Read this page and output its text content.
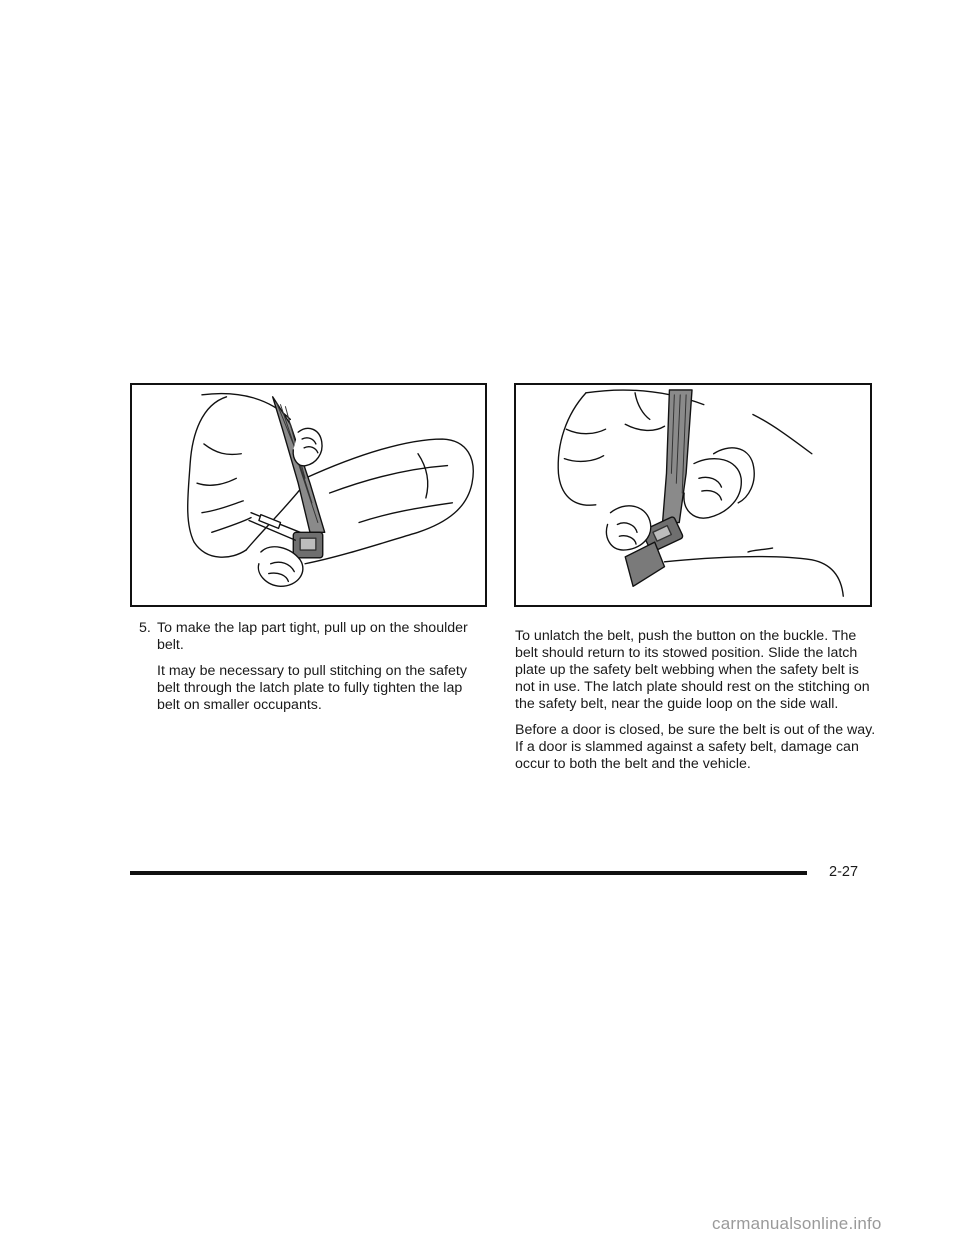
5. To make the lap part tight, pull up on the shoulder belt.

It may be necessary to pull stitching on the safety belt through the latch plate to fully tighten the lap belt on smaller occupants.

To unlatch the belt, push the button on the buckle. The belt should return to its stowed position. Slide the latch plate up the safety belt webbing when the safety belt is not in use. The latch plate should rest on the stitching on the safety belt, near the guide loop on the side wall.

Before a door is closed, be sure the belt is out of the way. If a door is slammed against a safety belt, damage can occur to both the belt and the vehicle.

2-27
carmanualsonline.info
